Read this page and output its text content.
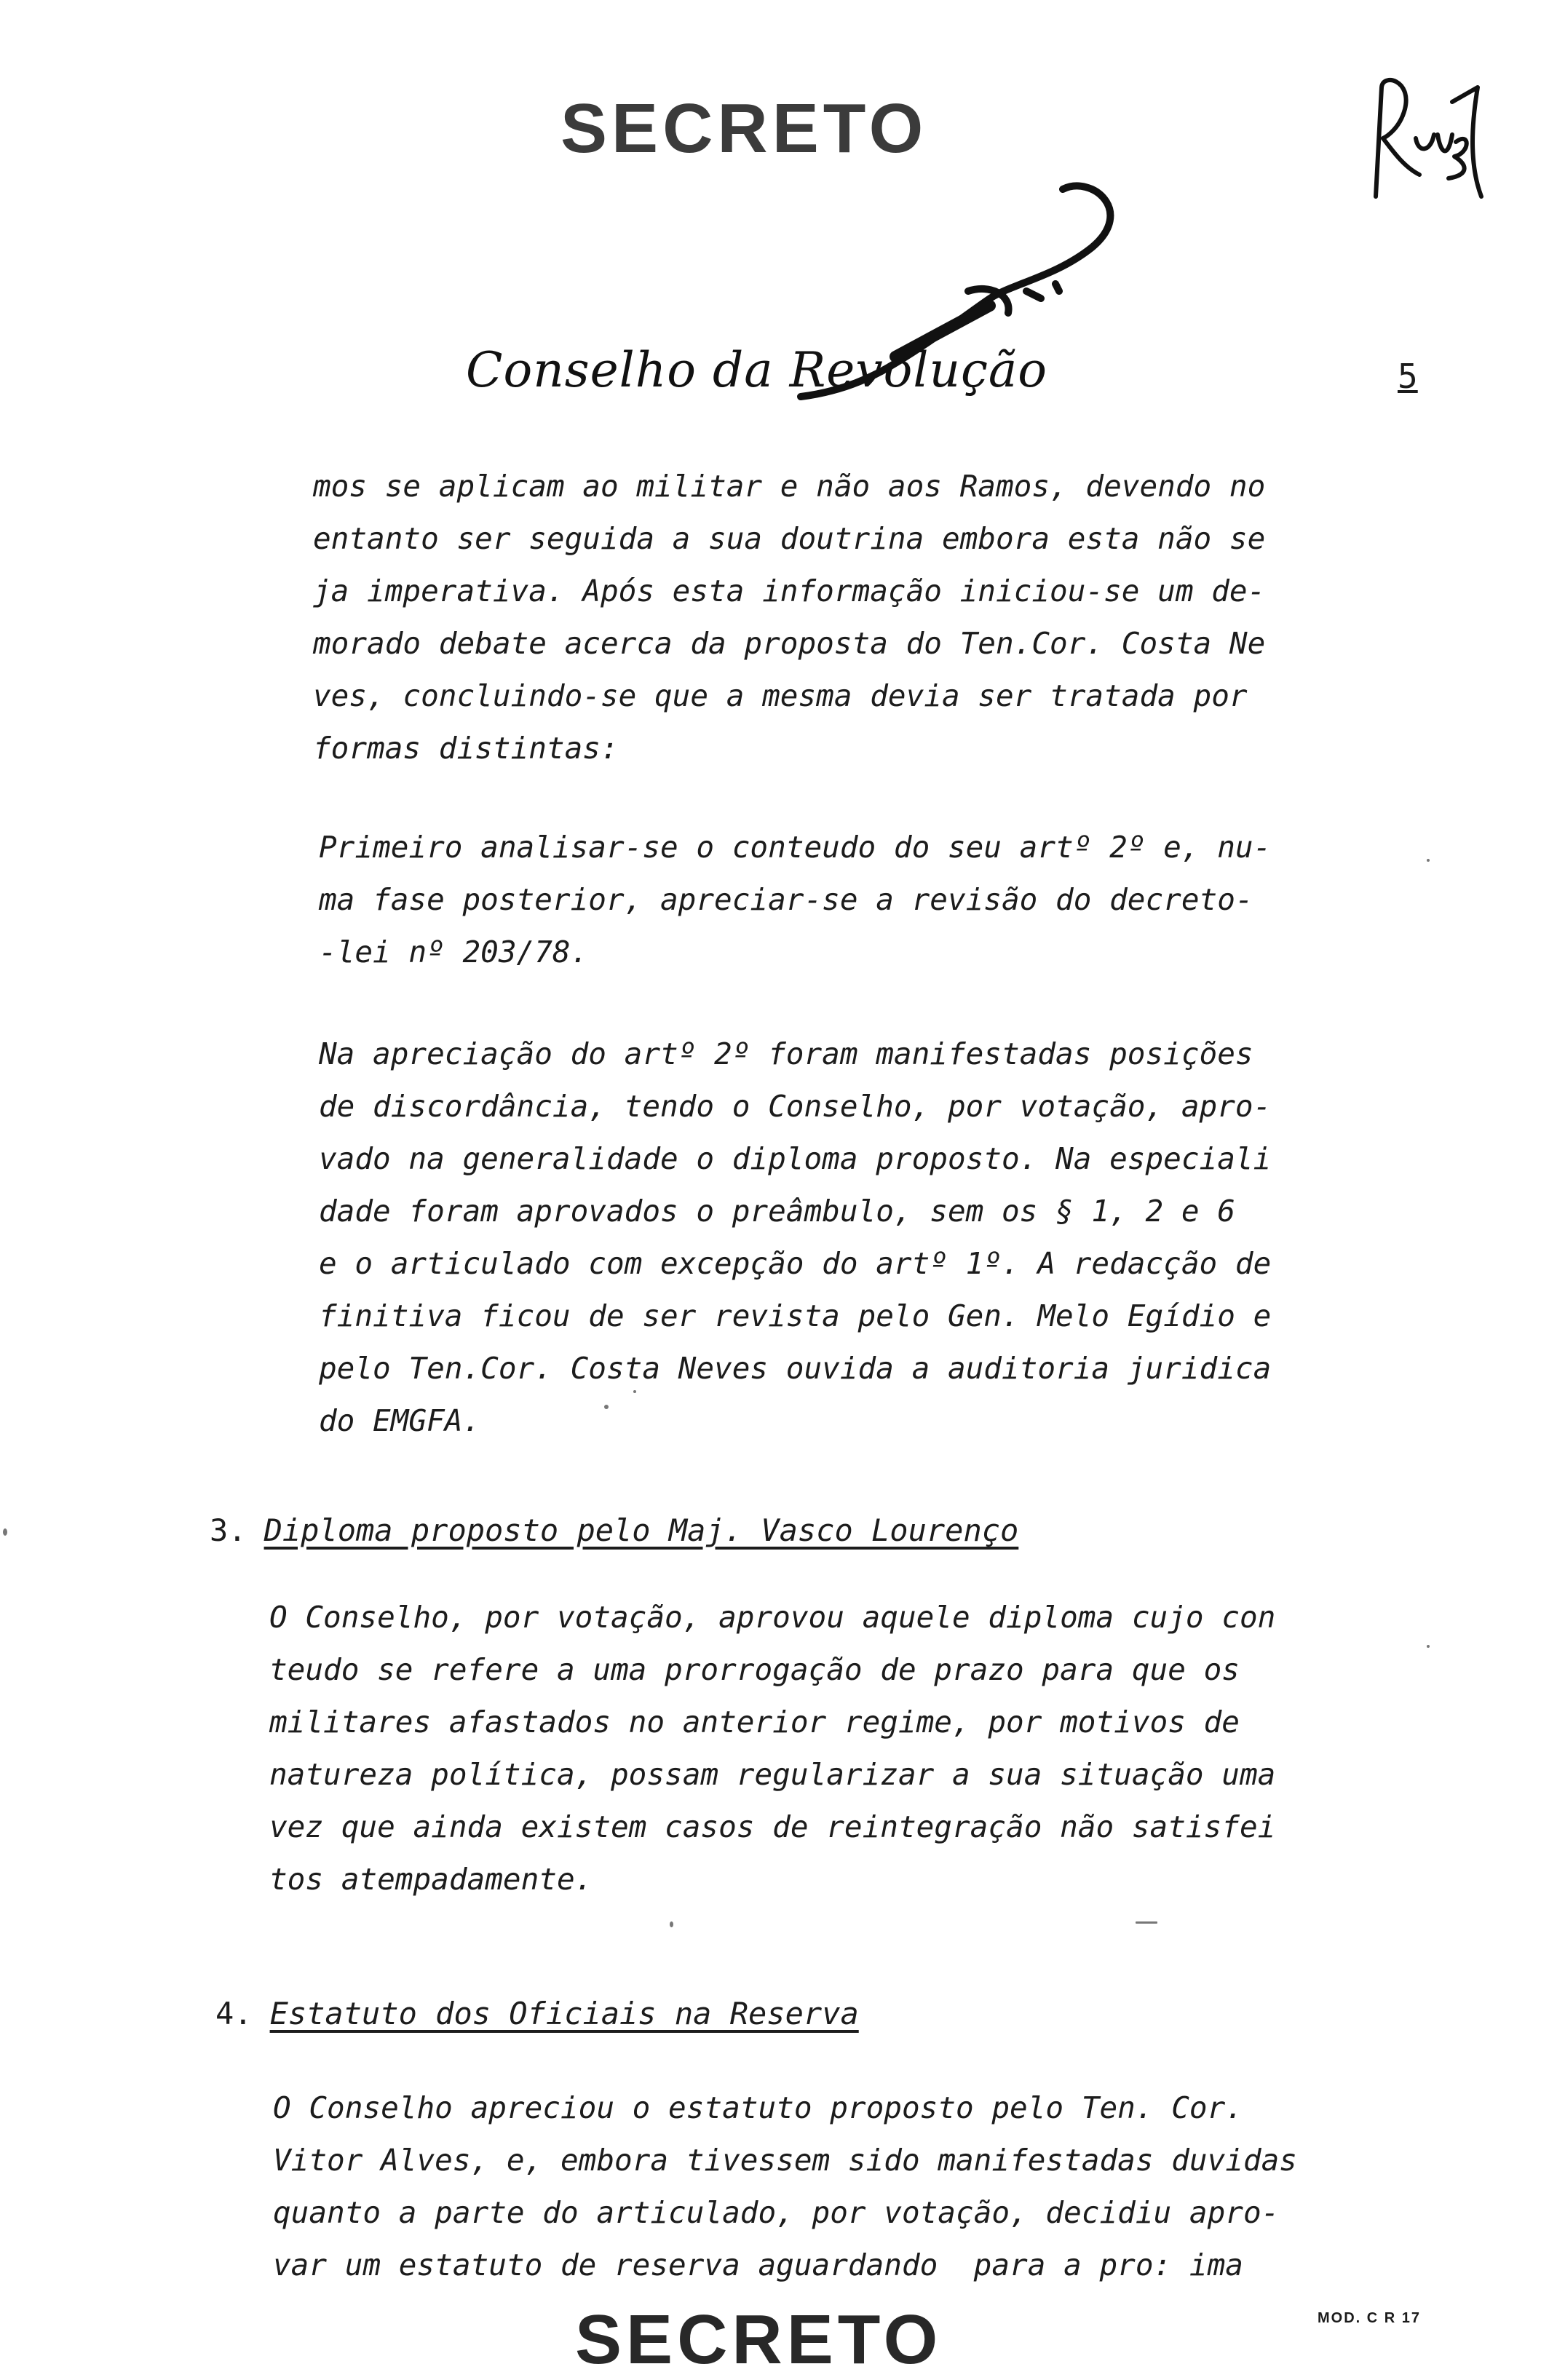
SECRETO
Conselho da Revolução	5
mos se aplicam ao militar e não aos Ramos, devendo no
entanto ser seguida a sua doutrina embora esta não se
ja imperativa. Após esta informação iniciou-se um de-
morado debate acerca da proposta do Ten.Cor. Costa Ne
ves, concluindo-se que a mesma devia ser tratada por
formas distintas:
Primeiro analisar-se o conteudo do seu artº 2º e, nu-
ma fase posterior, apreciar-se a revisão do decreto-
-lei nº 203/78.
Na apreciação do artº 2º foram manifestadas posições
de discordância, tendo o Conselho, por votação, apro-
vado na generalidade o diploma proposto. Na especiali
dade foram aprovados o preâmbulo, sem os § 1, 2 e 6
e o articulado com excepção do artº 1º. A redacção de
finitiva ficou de ser revista pelo Gen. Melo Egídio e
pelo Ten.Cor. Costa Neves ouvida a auditoria juridica
do EMGFA.
3. Diploma proposto pelo Maj. Vasco Lourenço
O Conselho, por votação, aprovou aquele diploma cujo con
teudo se refere a uma prorrogação de prazo para que os
militares afastados no anterior regime, por motivos de
natureza política, possam regularizar a sua situação uma
vez que ainda existem casos de reintegração não satisfei
tos atempadamente.
4. Estatuto dos Oficiais na Reserva
O Conselho apreciou o estatuto proposto pelo Ten. Cor.
Vitor Alves, e, embora tivessem sido manifestadas duvidas
quanto a parte do articulado, por votação, decidiu apro-
var um estatuto de reserva aguardando  para a pro: ima
MOD. C R 17
SECRETO
